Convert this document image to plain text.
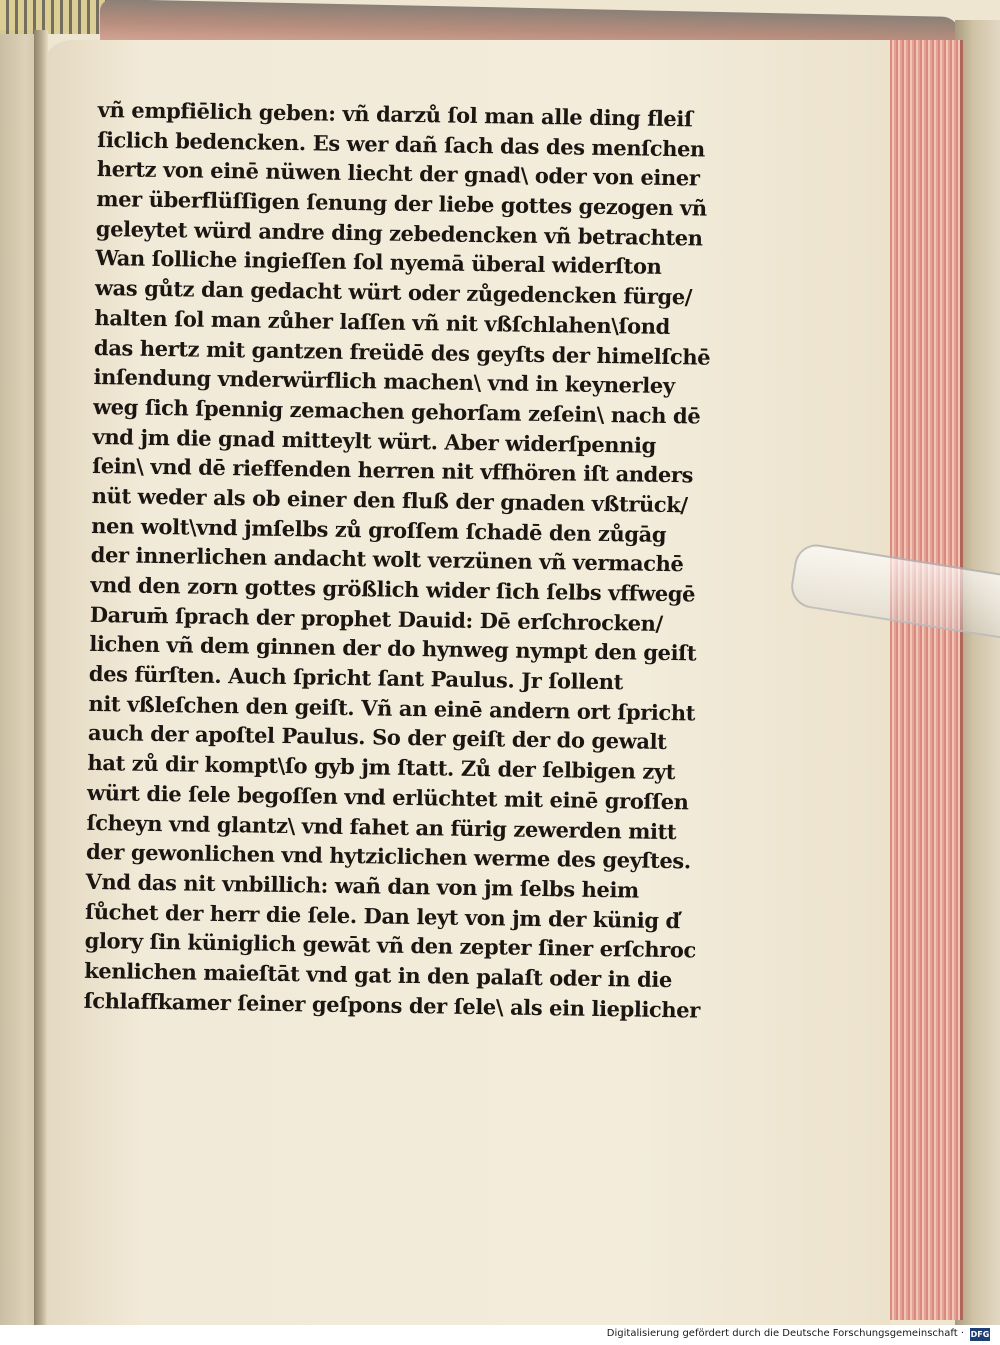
vñ empfiēlich geben: vñ darzů ſol man alle ding fleiſ

ſiclich bedencken. Es wer dañ ſach das des menſchen

hertz von einē nüwen liecht der gnad\ oder von einer

mer überflüſſigen ſenung der liebe gottes gezogen vñ

geleytet würd andre ding zebedencken vñ betrachten

Wan ſolliche ingieſſen ſol nyemā überal widerſton

was gůtz dan gedacht würt oder zůgedencken fürge/

halten ſol man zůher laſſen vñ nit vßſchlahen\ſond

das hertz mit gantzen freüdē des geyſts der himelſchē

inſendung vnderwürflich machen\ vnd in keynerley

weg ſich ſpennig zemachen gehorſam zeſein\ nach dē

vnd jm die gnad mitteylt würt. Aber widerſpennig

ſein\ vnd dē rieffenden herren nit vffhören iſt anders

nüt weder als ob einer den fluß der gnaden vßtrück/

nen wolt\vnd jmſelbs zů groſſem ſchadē den zůgāg

der innerlichen andacht wolt verzünen vñ vermachē

vnd den zorn gottes größlich wider ſich ſelbs vffwegē

Darum̄ ſprach der prophet Dauid: Dē erſchrocken/

lichen vñ dem ginnen der do hynweg nympt den geiſt

des fürſten. Auch ſpricht ſant Paulus. Jr ſollent

nit vßleſchen den geiſt. Vñ an einē andern ort ſpricht

auch der apoſtel Paulus. So der geiſt der do gewalt

hat zů dir kompt\ſo gyb jm ſtatt. Zů der ſelbigen zyt

würt die ſele begoſſen vnd erlüchtet mit einē groſſen

ſcheyn vnd glantz\ vnd fahet an fürig zewerden mitt

der gewonlichen vnd hytziclichen werme des geyſtes.

Vnd das nit vnbillich: wañ dan von jm ſelbs heim

ſůchet der herr die ſele. Dan leyt von jm der künig d̕

glory ſin küniglich gewāt vñ den zepter ſiner erſchroc

kenlichen maieſtāt vnd gat in den palaſt oder in die

ſchlaffkamer ſeiner geſpons der ſele\ als ein lieplicher

Digitalisierung gefördert durch die Deutsche Forschungsgemeinschaft · DFG
